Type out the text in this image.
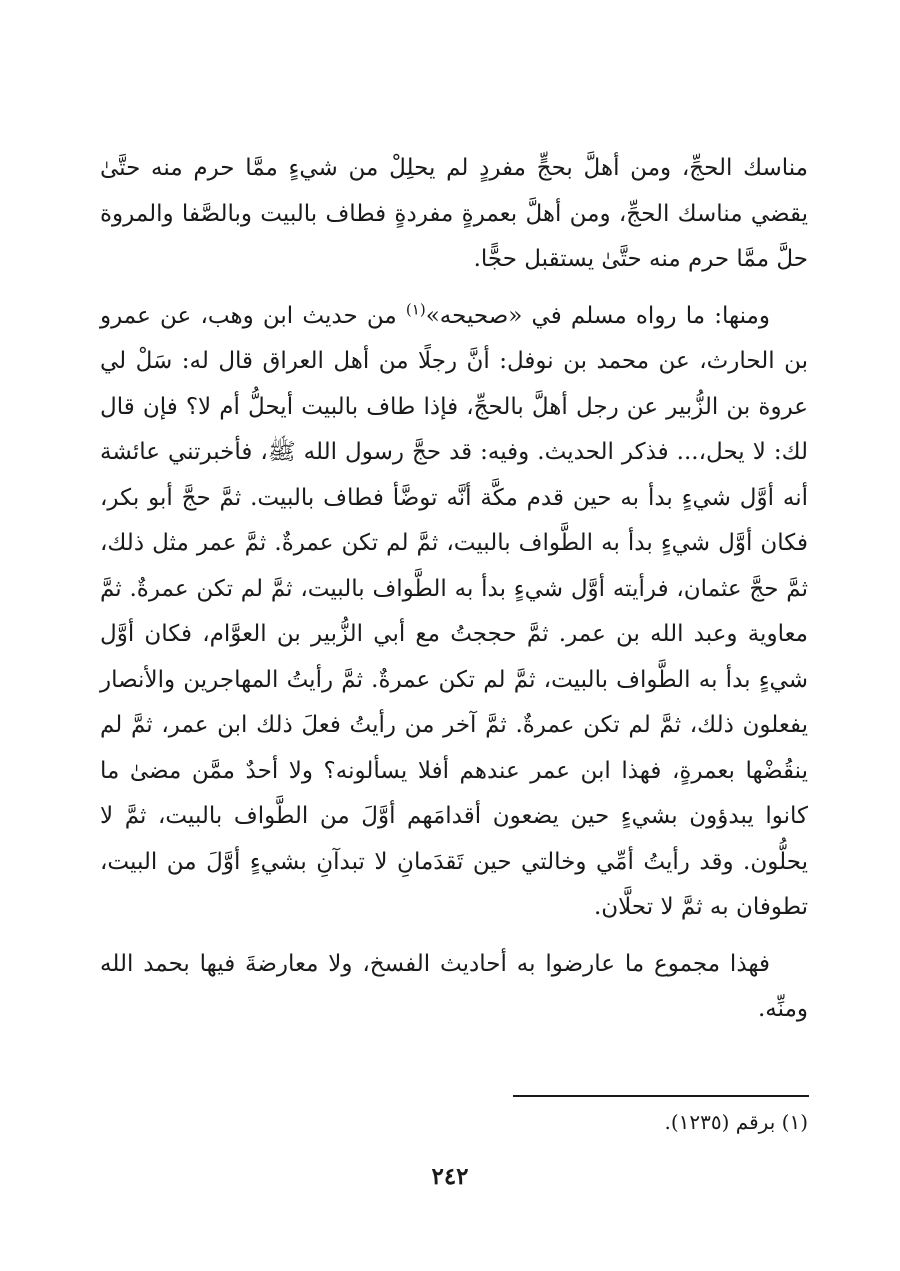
مناسك الحجِّ، ومن أهلَّ بحجٍّ مفردٍ لم يحلِلْ من شيءٍ ممَّا حرم منه حتَّىٰ يقضي مناسك الحجِّ، ومن أهلَّ بعمرةٍ مفردةٍ فطاف بالبيت وبالصَّفا والمروة حلَّ ممَّا حرم منه حتَّىٰ يستقبل حجًّا.

ومنها: ما رواه مسلم في «صحيحه»$^{(١)}$ من حديث ابن وهب، عن عمرو بن الحارث، عن محمد بن نوفل: أنَّ رجلًا من أهل العراق قال له: سَلْ لي عروة بن الزُّبير عن رجل أهلَّ بالحجِّ، فإذا طاف بالبيت أيحلُّ أم لا؟ فإن قال لك: لا يحل،... فذكر الحديث. وفيه: قد حجَّ رسول الله ﷺ، فأخبرتني عائشة أنه أوَّل شيءٍ بدأ به حين قدم مكَّة أنَّه توضَّأ فطاف بالبيت. ثمَّ حجَّ أبو بكر، فكان أوَّل شيءٍ بدأ به الطَّواف بالبيت، ثمَّ لم تكن عمرةٌ. ثمَّ عمر مثل ذلك، ثمَّ حجَّ عثمان، فرأيته أوَّل شيءٍ بدأ به الطَّواف بالبيت، ثمَّ لم تكن عمرةٌ. ثمَّ معاوية وعبد الله بن عمر. ثمَّ حججتُ مع أبي الزُّبير بن العوَّام، فكان أوَّل شيءٍ بدأ به الطَّواف بالبيت، ثمَّ لم تكن عمرةٌ. ثمَّ رأيتُ المهاجرين والأنصار يفعلون ذلك، ثمَّ لم تكن عمرةٌ. ثمَّ آخر من رأيتُ فعلَ ذلك ابن عمر، ثمَّ لم ينقُضْها بعمرةٍ، فهذا ابن عمر عندهم أفلا يسألونه؟ ولا أحدٌ ممَّن مضىٰ ما كانوا يبدؤون بشيءٍ حين يضعون أقدامَهم أوَّلَ من الطَّواف بالبيت، ثمَّ لا يحلُّون. وقد رأيتُ أمِّي وخالتي حين تَقدَمانِ لا تبدآنِ بشيءٍ أوَّلَ من البيت، تطوفان به ثمَّ لا تحلَّان.

فهذا مجموع ما عارضوا به أحاديث الفسخ، ولا معارضةَ فيها بحمد الله ومنِّه.

(١) برقم (١٢٣٥).
٢٤٢
